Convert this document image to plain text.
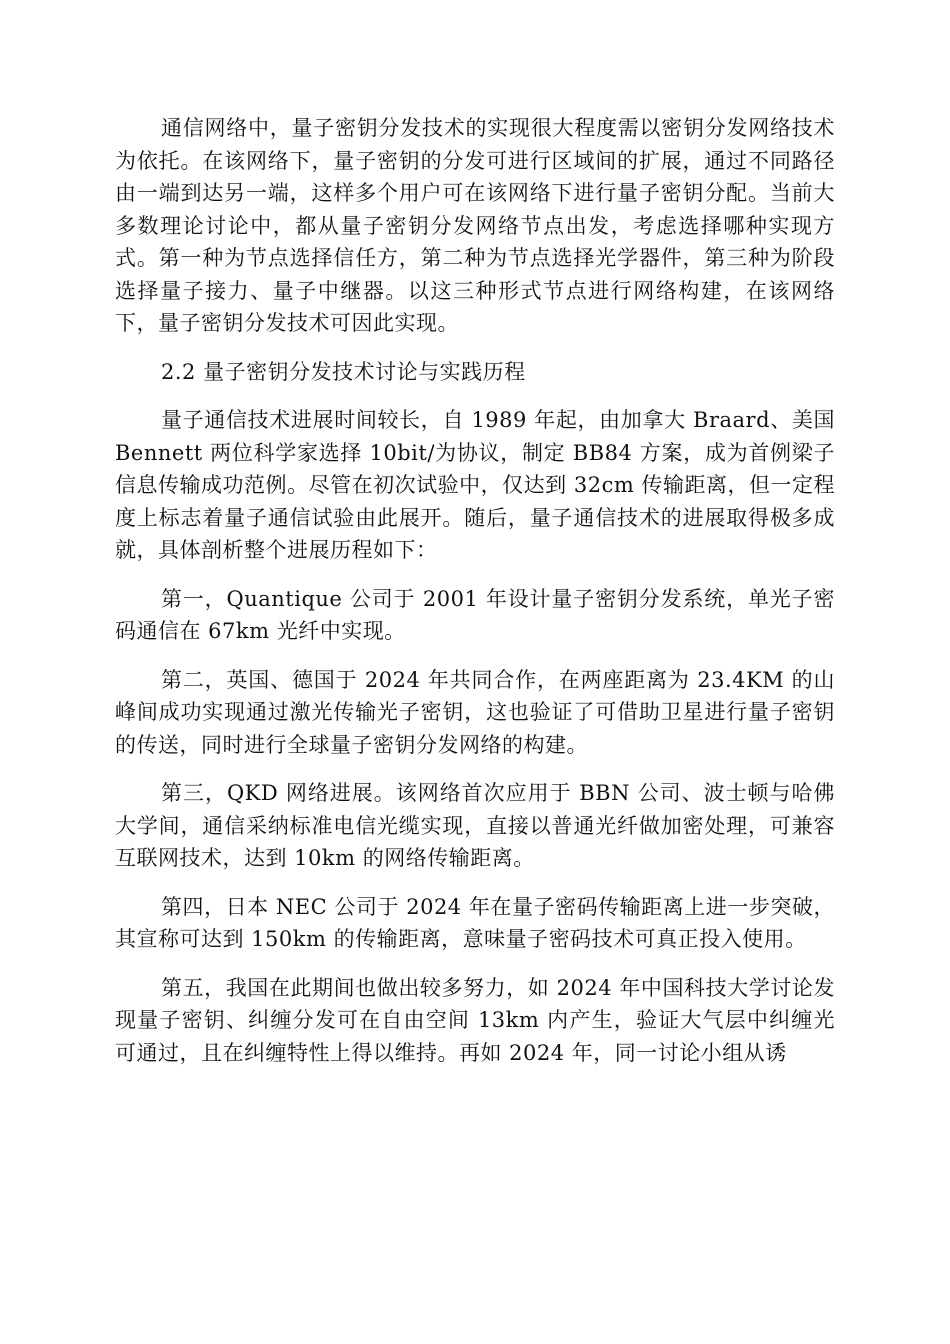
通信网络中，量子密钥分发技术的实现很大程度需以密钥分发网络技术为依托。在该网络下，量子密钥的分发可进行区域间的扩展，通过不同路径由一端到达另一端，这样多个用户可在该网络下进行量子密钥分配。当前大多数理论讨论中，都从量子密钥分发网络节点出发，考虑选择哪种实现方式。第一种为节点选择信任方，第二种为节点选择光学器件，第三种为阶段选择量子接力、量子中继器。以这三种形式节点进行网络构建，在该网络下，量子密钥分发技术可因此实现。

2.2 量子密钥分发技术讨论与实践历程

量子通信技术进展时间较长，自 1989 年起，由加拿大 Braard、美国 Bennett 两位科学家选择 10bit/为协议，制定 BB84 方案，成为首例梁子信息传输成功范例。尽管在初次试验中，仅达到 32cm 传输距离，但一定程度上标志着量子通信试验由此展开。随后，量子通信技术的进展取得极多成就，具体剖析整个进展历程如下：

第一，Quantique 公司于 2001 年设计量子密钥分发系统，单光子密码通信在 67km 光纤中实现。

第二，英国、德国于 2024 年共同合作，在两座距离为 23.4KM 的山峰间成功实现通过激光传输光子密钥，这也验证了可借助卫星进行量子密钥的传送，同时进行全球量子密钥分发网络的构建。

第三，QKD 网络进展。该网络首次应用于 BBN 公司、波士顿与哈佛大学间，通信采纳标准电信光缆实现，直接以普通光纤做加密处理，可兼容互联网技术，达到 10km 的网络传输距离。

第四，日本 NEC 公司于 2024 年在量子密码传输距离上进一步突破，其宣称可达到 150km 的传输距离，意味量子密码技术可真正投入使用。

第五，我国在此期间也做出较多努力，如 2024 年中国科技大学讨论发现量子密钥、纠缠分发可在自由空间 13km 内产生，验证大气层中纠缠光可通过，且在纠缠特性上得以维持。再如 2024 年，同一讨论小组从诱
